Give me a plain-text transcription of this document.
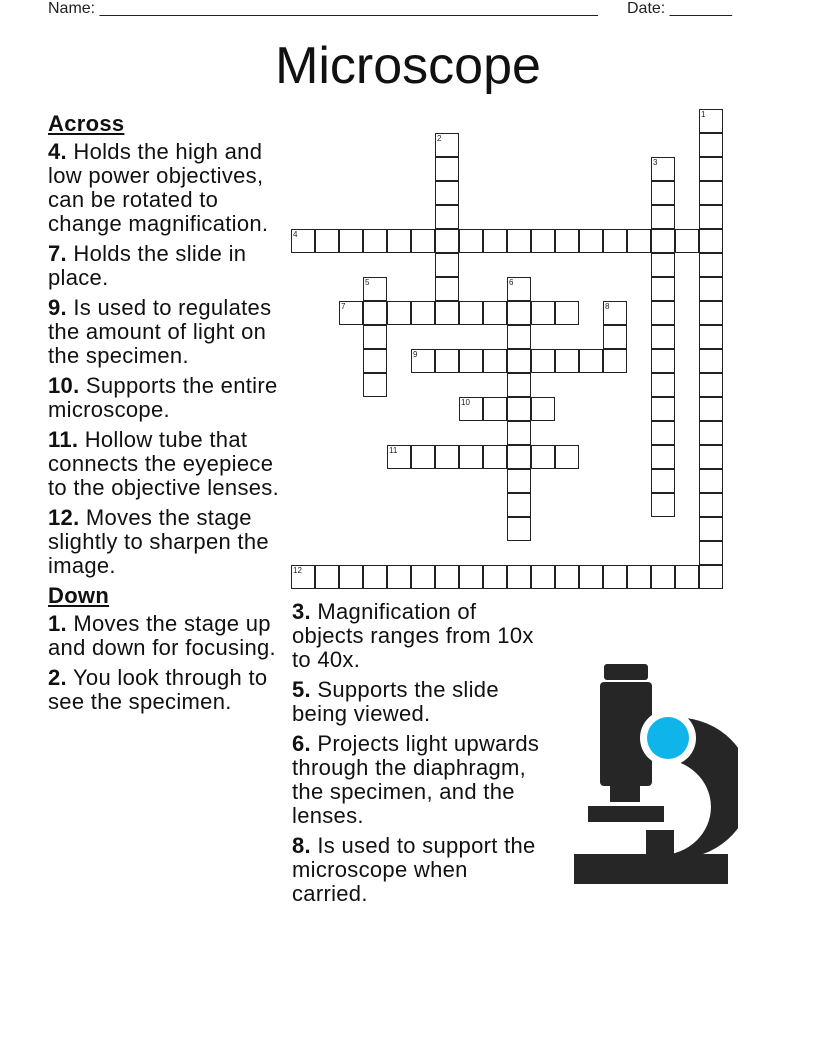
Name: ________________________________________________________ Date: _______
Microscope
Across
4. Holds the high and low power objectives, can be rotated to change magnification.
7. Holds the slide in place.
9. Is used to regulates the amount of light on the specimen.
10. Supports the entire microscope.
11. Hollow tube that connects the eyepiece to the objective lenses.
12. Moves the stage slightly to sharpen the image.
Down
1. Moves the stage up and down for focusing.
2. You look through to see the specimen.
3. Magnification of objects ranges from 10x to 40x.
5. Supports the slide being viewed.
6. Projects light upwards through the diaphragm, the specimen, and the lenses.
8. Is used to support the microscope when carried.
1
2
3
4
5	6
7	8
9
10
11
12
